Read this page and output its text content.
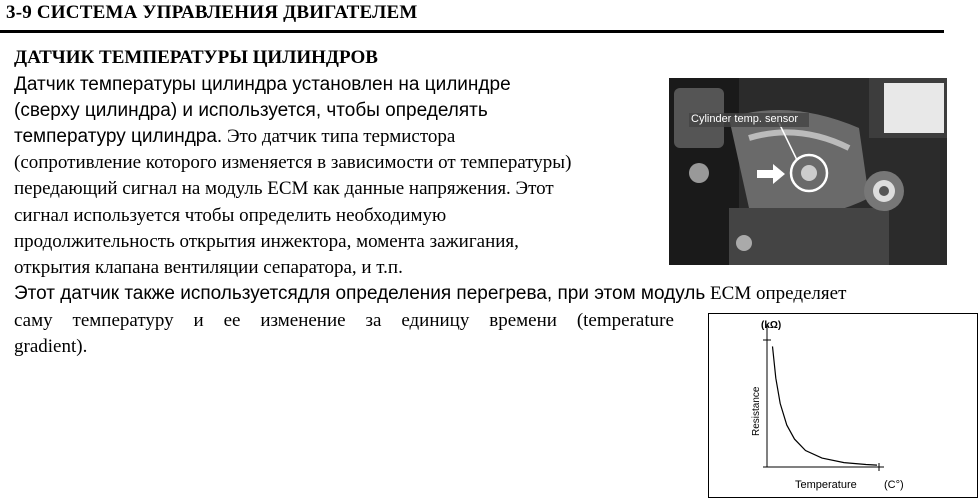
3-9 СИСТЕМА УПРАВЛЕНИЯ ДВИГАТЕЛЕМ
ДАТЧИК ТЕМПЕРАТУРЫ ЦИЛИНДРОВ
Датчик температуры цилиндра установлен на цилиндре
(сверху цилиндра) и используется, чтобы определять
температуру цилиндра. Это датчик типа термистора
(сопротивление которого изменяется в зависимости от температуры)
передающий сигнал на модуль ECM как данные напряжения. Этот
сигнал используется чтобы определить необходимую
продолжительность открытия инжектора, момента зажигания,
открытия клапана вентиляции сепаратора, и т.п.
Этот датчик также используетсядля определения перегрева, при этом модуль ECM определяет
саму температуру и ее изменение за единицу времени (temperature
gradient).
Cylinder temp. sensor
(kΩ)
Resistance
Temperature (C°)
